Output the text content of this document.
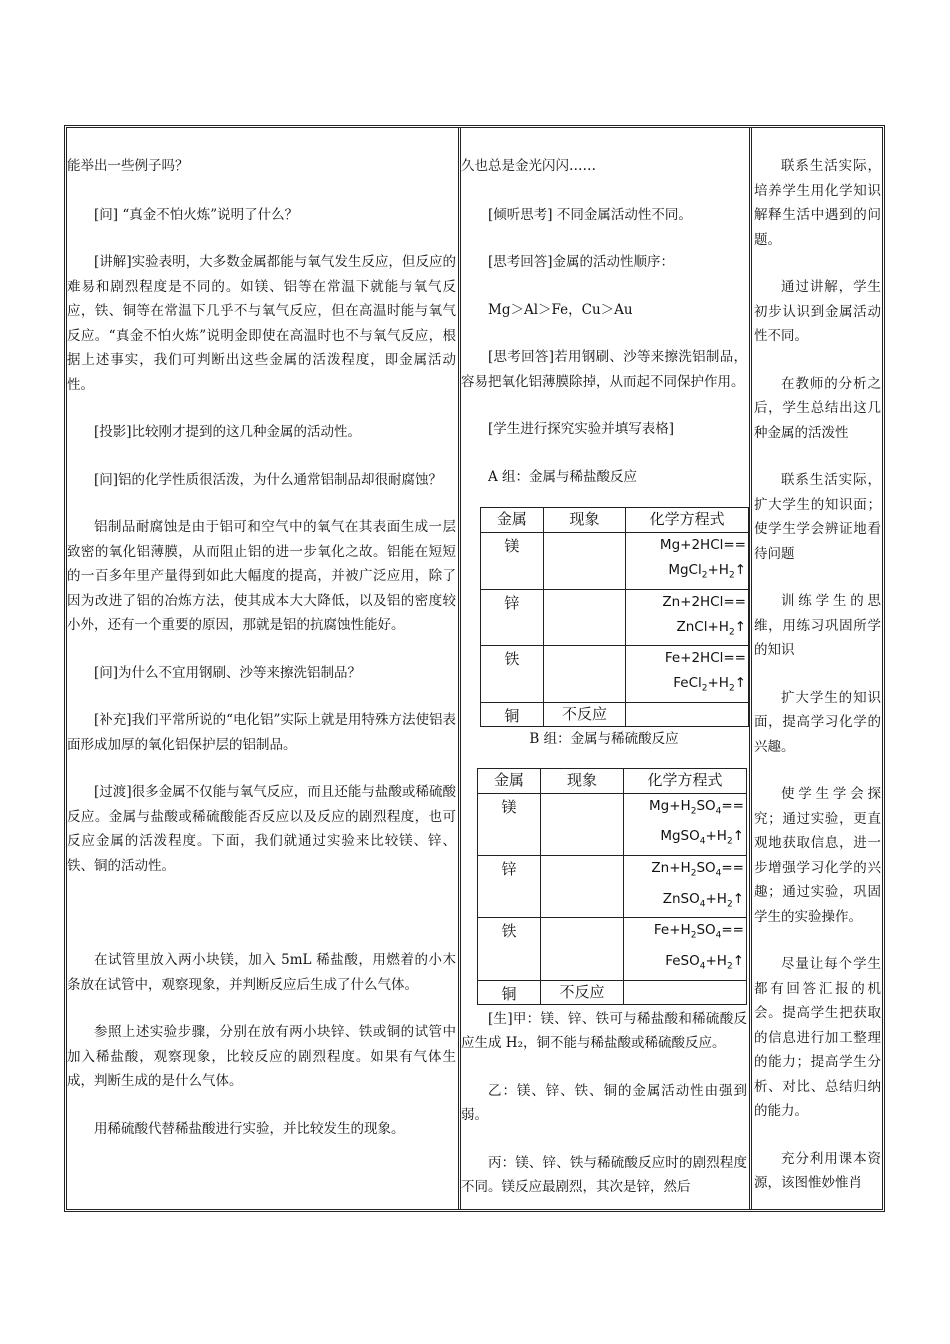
能举出一些例子吗？

[问] “真金不怕火炼”说明了什么？

[讲解]实验表明，大多数金属都能与氧气发生反应，但反应的难易和剧烈程度是不同的。如镁、铝等在常温下就能与氧气反应，铁、铜等在常温下几乎不与氧气反应，但在高温时能与氧气反应。“真金不怕火炼”说明金即使在高温时也不与氧气反应，根据上述事实，我们可判断出这些金属的活泼程度，即金属活动性。

[投影]比较刚才提到的这几种金属的活动性。

[问]铝的化学性质很活泼，为什么通常铝制品却很耐腐蚀？

铝制品耐腐蚀是由于铝可和空气中的氧气在其表面生成一层致密的氧化铝薄膜，从而阻止铝的进一步氧化之故。铝能在短短的一百多年里产量得到如此大幅度的提高，并被广泛应用，除了因为改进了铝的冶炼方法，使其成本大大降低，以及铝的密度较小外，还有一个重要的原因，那就是铝的抗腐蚀性能好。

[问]为什么不宜用钢刷、沙等来擦洗铝制品？

[补充]我们平常所说的“电化铝”实际上就是用特殊方法使铝表面形成加厚的氧化铝保护层的铝制品。

[过渡]很多金属不仅能与氧气反应，而且还能与盐酸或稀硫酸反应。金属与盐酸或稀硫酸能否反应以及反应的剧烈程度，也可反应金属的活泼程度。下面，我们就通过实验来比较镁、锌、铁、铜的活动性。

在试管里放入两小块镁，加入 5mL 稀盐酸，用燃着的小木条放在试管中，观察现象，并判断反应后生成了什么气体。

参照上述实验步骤，分别在放有两小块锌、铁或铜的试管中加入稀盐酸，观察现象，比较反应的剧烈程度。如果有气体生成，判断生成的是什么气体。

用稀硫酸代替稀盐酸进行实验，并比较发生的现象。

久也总是金光闪闪……

[倾听思考] 不同金属活动性不同。

[思考回答]金属的活动性顺序：

Mg＞Al＞Fe，Cu＞Au

[思考回答]若用钢刷、沙等来擦洗铝制品，容易把氧化铝薄膜除掉，从而起不同保护作用。

[学生进行探究实验并填写表格]

A 组：金属与稀盐酸反应

金属	现象	化学方程式
镁		Mg+2HCl==
$MgCl_2+H_2↑$

锌		Zn+2HCl==
$ZnCl+H_2↑$

铁		Fe+2HCl==
$FeCl_2+H_2↑$

铜	不反应	

B 组：金属与稀硫酸反应

金属	现象	化学方程式
镁		$Mg+H_2SO_4==$
$MgSO_4+H_2↑$

锌		$Zn+H_2SO_4==$
$ZnSO_4+H_2↑$

铁		$Fe+H_2SO_4==$
$FeSO_4+H_2↑$

铜	不反应	

[生]甲：镁、锌、铁可与稀盐酸和稀硫酸反应生成 H₂，铜不能与稀盐酸或稀硫酸反应。

乙：镁、锌、铁、铜的金属活动性由强到弱。

丙：镁、锌、铁与稀硫酸反应时的剧烈程度不同。镁反应最剧烈，其次是锌，然后

联系生活实际，培养学生用化学知识解释生活中遇到的问题。

通过讲解，学生初步认识到金属活动性不同。

在教师的分析之后，学生总结出这几种金属的活泼性

联系生活实际，扩大学生的知识面；使学生学会辨证地看待问题

训练学生的思维，用练习巩固所学的知识

扩大学生的知识面，提高学习化学的兴趣。

使学生学会探究；通过实验，更直观地获取信息，进一步增强学习化学的兴趣；通过实验，巩固学生的实验操作。

尽量让每个学生都有回答汇报的机会。提高学生把获取的信息进行加工整理的能力；提高学生分析、对比、总结归纳的能力。

充分利用课本资源，该图惟妙惟肖
